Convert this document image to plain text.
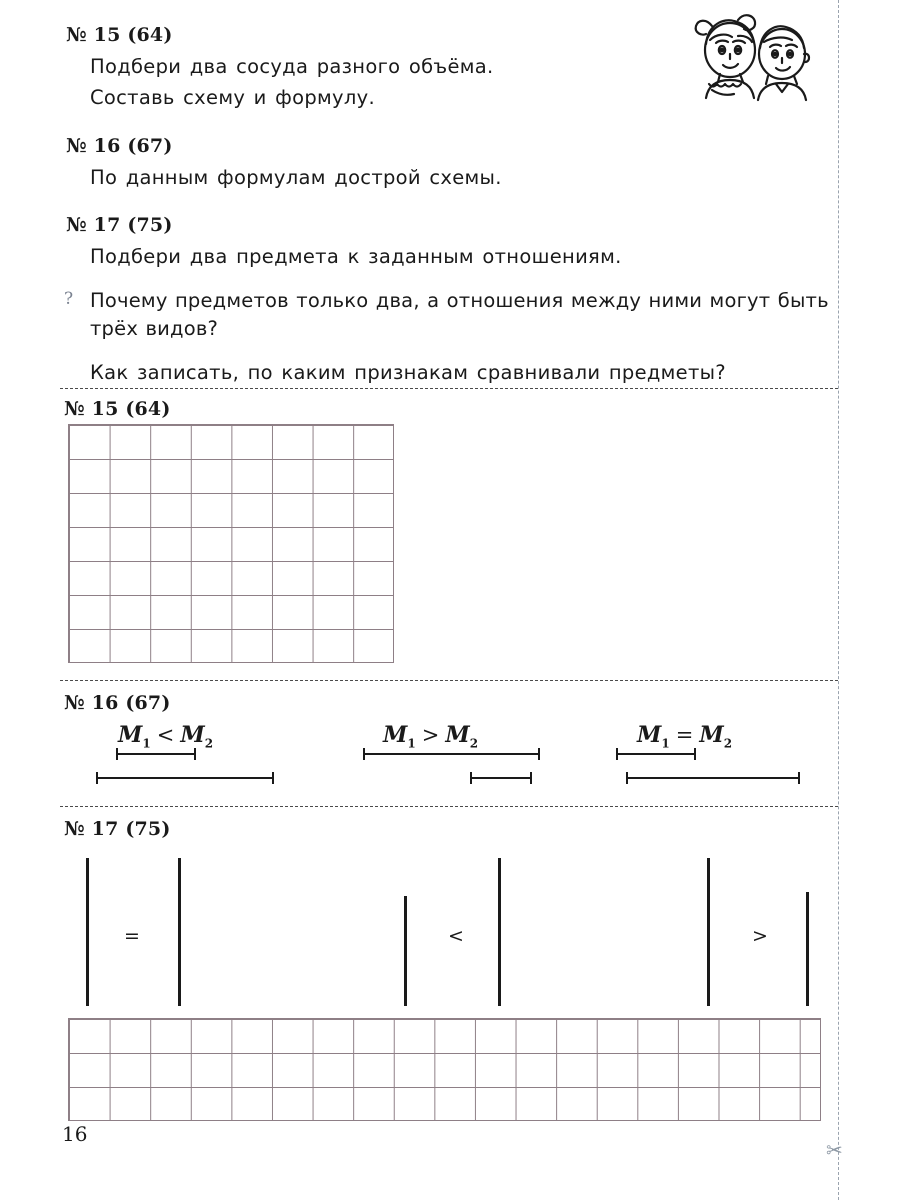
✂
№ 15 (64)
Подбери два сосуда разного объёма.
Составь схему и формулу.
№ 16 (67)
По данным формулам дострой схемы.
№ 17 (75)
Подбери два предмета к заданным отношениям.
? Почему предметов только два, а отношения между ними могут быть трёх видов?
Как записать, по каким признакам сравнивали предметы?
№ 15 (64)
№ 16 (67)
$M_1 < M_2$	$M_1 > M_2$	$M_1 = M_2$
№ 17 (75)
=	<	>
16
